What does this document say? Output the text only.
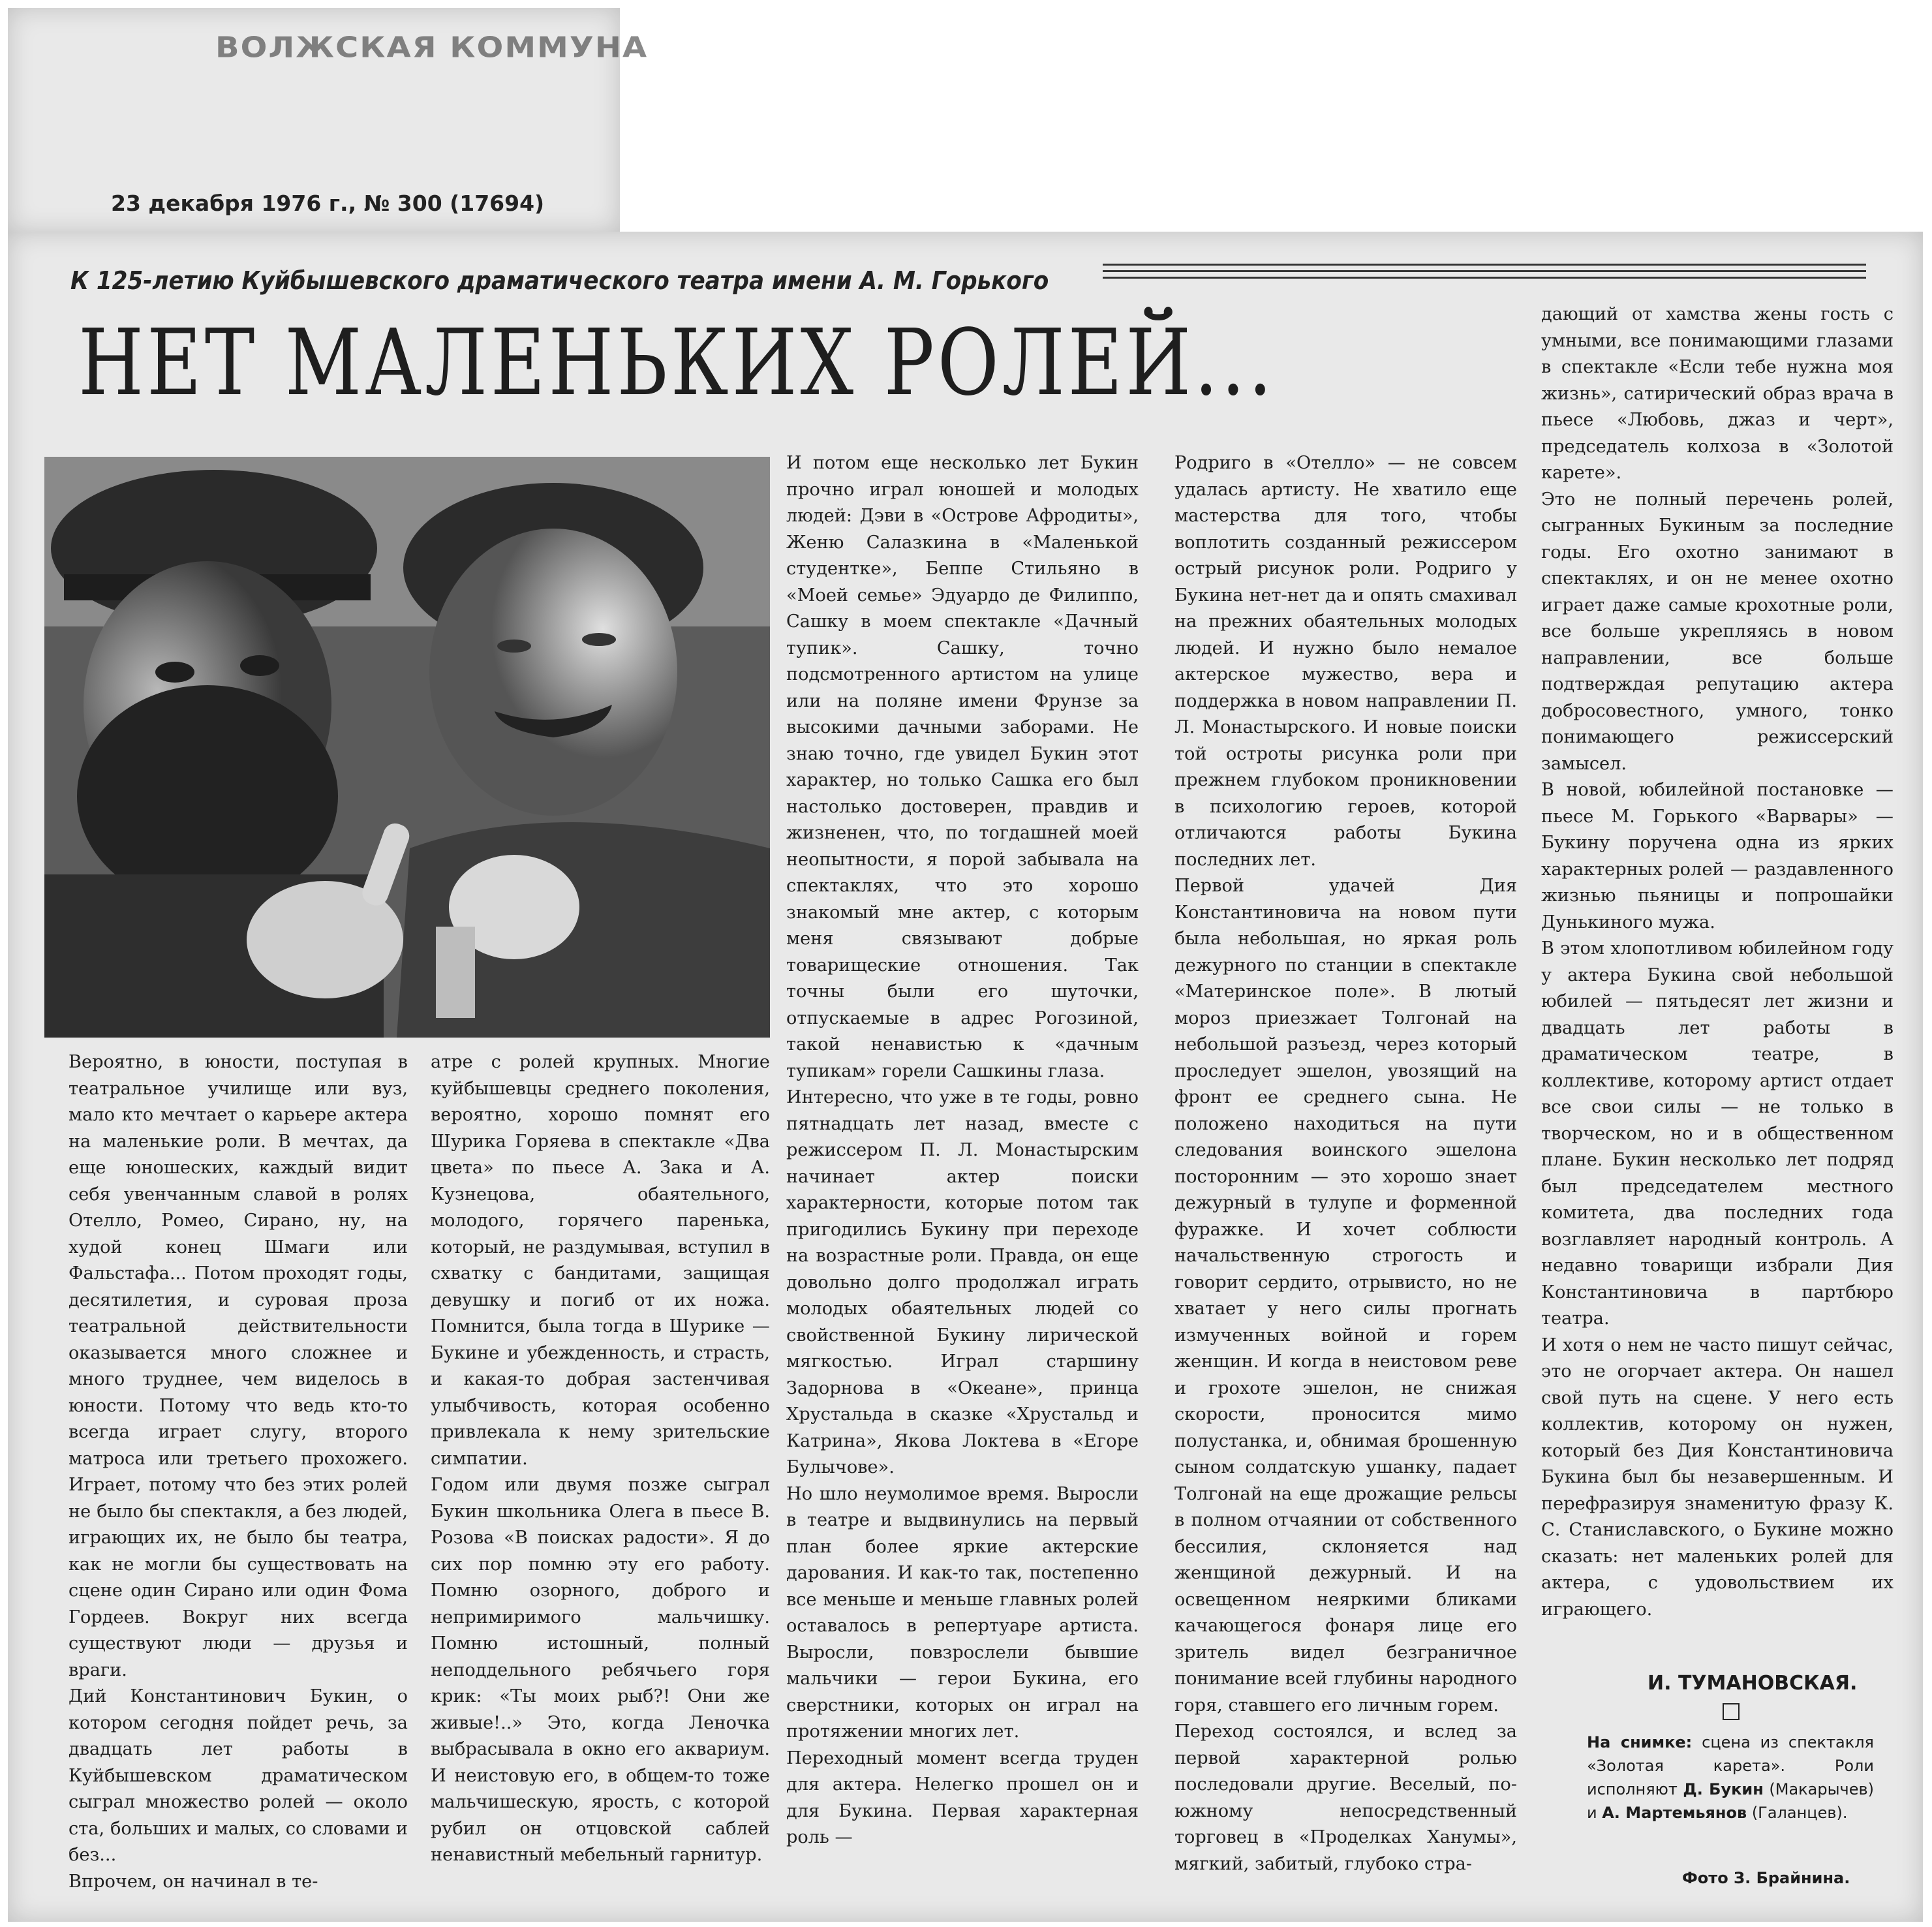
ВОЛЖСКАЯ КОММУНА
23 декабря 1976 г., № 300 (17694)
К 125-летию Куйбышевского драматического театра имени А. М. Горького
НЕТ МАЛЕНЬКИХ РОЛЕЙ...

Вероятно, в юности, поступая в театральное училище или вуз, мало кто мечтает о карьере актера на маленькие роли. В мечтах, да еще юношеских, каждый видит себя увенчанным славой в ролях Отелло, Ромео, Сирано, ну, на худой конец Шмаги или Фальстафа... Потом проходят годы, десятилетия, и суровая проза театральной действительности оказывается много сложнее и много труднее, чем виделось в юности. Потому что ведь кто-то всегда играет слугу, второго матроса или третьего прохожего. Играет, потому что без этих ролей не было бы спектакля, а без людей, играющих их, не было бы театра, как не могли бы существовать на сцене один Сирано или один Фома Гордеев. Вокруг них всегда существуют люди — друзья и враги.
Дий Константинович Букин, о котором сегодня пойдет речь, за двадцать лет работы в Куйбышевском драматическом сыграл множество ролей — около ста, больших и малых, со словами и без...
Впрочем, он начинал в те-

атре с ролей крупных. Многие куйбышевцы среднего поколения, вероятно, хорошо помнят его Шурика Горяева в спектакле «Два цвета» по пьесе А. Зака и А. Кузнецова, обаятельного, молодого, горячего паренька, который, не раздумывая, вступил в схватку с бандитами, защищая девушку и погиб от их ножа. Помнится, была тогда в Шурике — Букине и убежденность, и страсть, и какая-то добрая застенчивая улыбчивость, которая особенно привлекала к нему зрительские симпатии.
Годом или двумя позже сыграл Букин школьника Олега в пьесе В. Розова «В поисках радости». Я до сих пор помню эту его работу. Помню озорного, доброго и непримиримого мальчишку. Помню истошный, полный неподдельного ребячьего горя крик: «Ты моих рыб?! Они же живые!..» Это, когда Леночка выбрасывала в окно его аквариум. И неистовую его, в общем-то тоже мальчишескую, ярость, с которой рубил он отцовской саблей ненавистный мебельный гарнитур.

И потом еще несколько лет Букин прочно играл юношей и молодых людей: Дэви в «Острове Афродиты», Женю Салазкина в «Маленькой студентке», Беппе Стильяно в «Моей семье» Эдуардо де Филиппо, Сашку в моем спектакле «Дачный тупик». Сашку, точно подсмотренного артистом на улице или на поляне имени Фрунзе за высокими дачными заборами. Не знаю точно, где увидел Букин этот характер, но только Сашка его был настолько достоверен, правдив и жизненен, что, по тогдашней моей неопытности, я порой забывала на спектаклях, что это хорошо знакомый мне актер, с которым меня связывают добрые товарищеские отношения. Так точны были его шуточки, отпускаемые в адрес Рогозиной, такой ненавистью к «дачным тупикам» горели Сашкины глаза.
Интересно, что уже в те годы, ровно пятнадцать лет назад, вместе с режиссером П. Л. Монастырским начинает актер поиски характерности, которые потом так пригодились Букину при переходе на возрастные роли. Правда, он еще довольно долго продолжал играть молодых обаятельных людей со свойственной Букину лирической мягкостью. Играл старшину Задорнова в «Океане», принца Хрустальда в сказке «Хрустальд и Катрина», Якова Локтева в «Егоре Булычове».
Но шло неумолимое время. Выросли в театре и выдвинулись на первый план более яркие актерские дарования. И как-то так, постепенно все меньше и меньше главных ролей оставалось в репертуаре артиста. Выросли, повзрослели бывшие мальчики — герои Букина, его сверстники, которых он играл на протяжении многих лет.
Переходный момент всегда труден для актера. Нелегко прошел он и для Букина. Первая характерная роль —

Родриго в «Отелло» — не совсем удалась артисту. Не хватило еще мастерства для того, чтобы воплотить созданный режиссером острый рисунок роли. Родриго у Букина нет-нет да и опять смахивал на прежних обаятельных молодых людей. И нужно было немалое актерское мужество, вера и поддержка в новом направлении П. Л. Монастырского. И новые поиски той остроты рисунка роли при прежнем глубоком проникновении в психологию героев, которой отличаются работы Букина последних лет.
Первой удачей Дия Константиновича на новом пути была небольшая, но яркая роль дежурного по станции в спектакле «Материнское поле». В лютый мороз приезжает Толгонай на небольшой разъезд, через который проследует эшелон, увозящий на фронт ее среднего сына. Не положено находиться на пути следования воинского эшелона посторонним — это хорошо знает дежурный в тулупе и форменной фуражке. И хочет соблюсти начальственную строгость и говорит сердито, отрывисто, но не хватает у него силы прогнать измученных войной и горем женщин. И когда в неистовом реве и грохоте эшелон, не снижая скорости, проносится мимо полустанка, и, обнимая брошенную сыном солдатскую ушанку, падает Толгонай на еще дрожащие рельсы в полном отчаянии от собственного бессилия, склоняется над женщиной дежурный. И на освещенном неяркими бликами качающегося фонаря лице его зритель видел безграничное понимание всей глубины народного горя, ставшего его личным горем.
Переход состоялся, и вслед за первой характерной ролью последовали другие. Веселый, по-южному непосредственный торговец в «Проделках Ханумы», мягкий, забитый, глубоко стра-

дающий от хамства жены гость с умными, все понимающими глазами в спектакле «Если тебе нужна моя жизнь», сатирический образ врача в пьесе «Любовь, джаз и черт», председатель колхоза в «Золотой карете».
Это не полный перечень ролей, сыгранных Букиным за последние годы. Его охотно занимают в спектаклях, и он не менее охотно играет даже самые крохотные роли, все больше укрепляясь в новом направлении, все больше подтверждая репутацию актера добросовестного, умного, тонко понимающего режиссерский замысел.
В новой, юбилейной постановке — пьесе М. Горького «Варвары» — Букину поручена одна из ярких характерных ролей — раздавленного жизнью пьяницы и попрошайки Дунькиного мужа.
В этом хлопотливом юбилейном году у актера Букина свой небольшой юбилей — пятьдесят лет жизни и двадцать лет работы в драматическом театре, в коллективе, которому артист отдает все свои силы — не только в творческом, но и в общественном плане. Букин несколько лет подряд был председателем местного комитета, два последних года возглавляет народный контроль. А недавно товарищи избрали Дия Константиновича в партбюро театра.
И хотя о нем не часто пишут сейчас, это не огорчает актера. Он нашел свой путь на сцене. У него есть коллектив, которому он нужен, который без Дия Константиновича Букина был бы незавершенным. И перефразируя знаменитую фразу К. С. Станиславского, о Букине можно сказать: нет маленьких ролей для актера, с удовольствием их играющего.

И. ТУМАНОВСКАЯ.
На снимке: сцена из спектакля «Золотая карета». Роли исполняют Д. Букин (Макарычев) и А. Мартемьянов (Галанцев).
Фото З. Брайнина.
